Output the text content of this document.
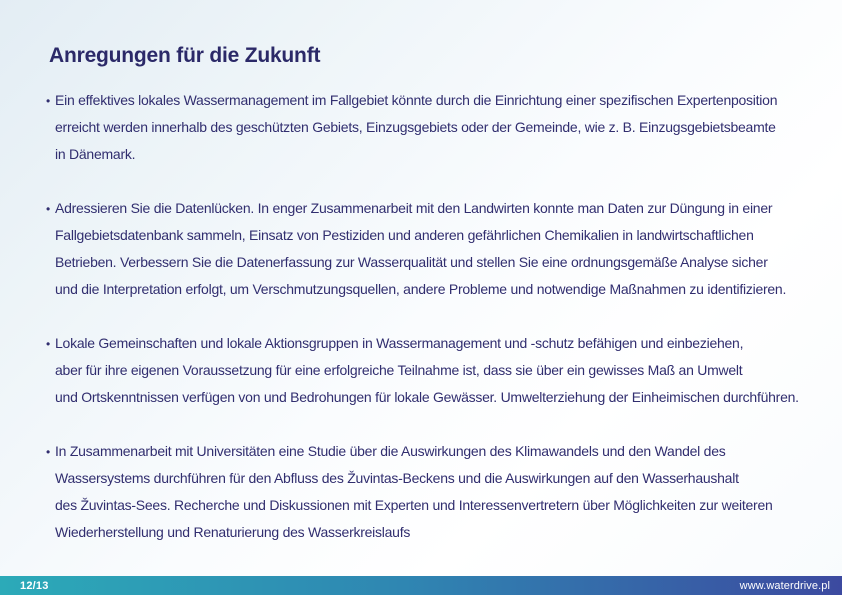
Anregungen für die Zukunft
• Ein effektives lokales Wassermanagement im Fallgebiet könnte durch die Einrichtung einer spezifischen Expertenposition
erreicht werden innerhalb des geschützten Gebiets, Einzugsgebiets oder der Gemeinde, wie z. B. Einzugsgebietsbeamte
in Dänemark.
• Adressieren Sie die Datenlücken. In enger Zusammenarbeit mit den Landwirten konnte man Daten zur Düngung in einer
Fallgebietsdatenbank sammeln, Einsatz von Pestiziden und anderen gefährlichen Chemikalien in landwirtschaftlichen
Betrieben. Verbessern Sie die Datenerfassung zur Wasserqualität und stellen Sie eine ordnungsgemäße Analyse sicher
und die Interpretation erfolgt, um Verschmutzungsquellen, andere Probleme und notwendige Maßnahmen zu identifizieren.
• Lokale Gemeinschaften und lokale Aktionsgruppen in Wassermanagement und -schutz befähigen und einbeziehen,
aber für ihre eigenen Voraussetzung für eine erfolgreiche Teilnahme ist, dass sie über ein gewisses Maß an Umwelt
und Ortskenntnissen verfügen von und Bedrohungen für lokale Gewässer. Umwelterziehung der Einheimischen durchführen.
• In Zusammenarbeit mit Universitäten eine Studie über die Auswirkungen des Klimawandels und den Wandel des
Wassersystems durchführen für den Abfluss des Žuvintas-Beckens und die Auswirkungen auf den Wasserhaushalt
des Žuvintas-Sees. Recherche und Diskussionen mit Experten und Interessenvertretern über Möglichkeiten zur weiteren
Wiederherstellung und Renaturierung des Wasserkreislaufs
12/13	www.waterdrive.pl
